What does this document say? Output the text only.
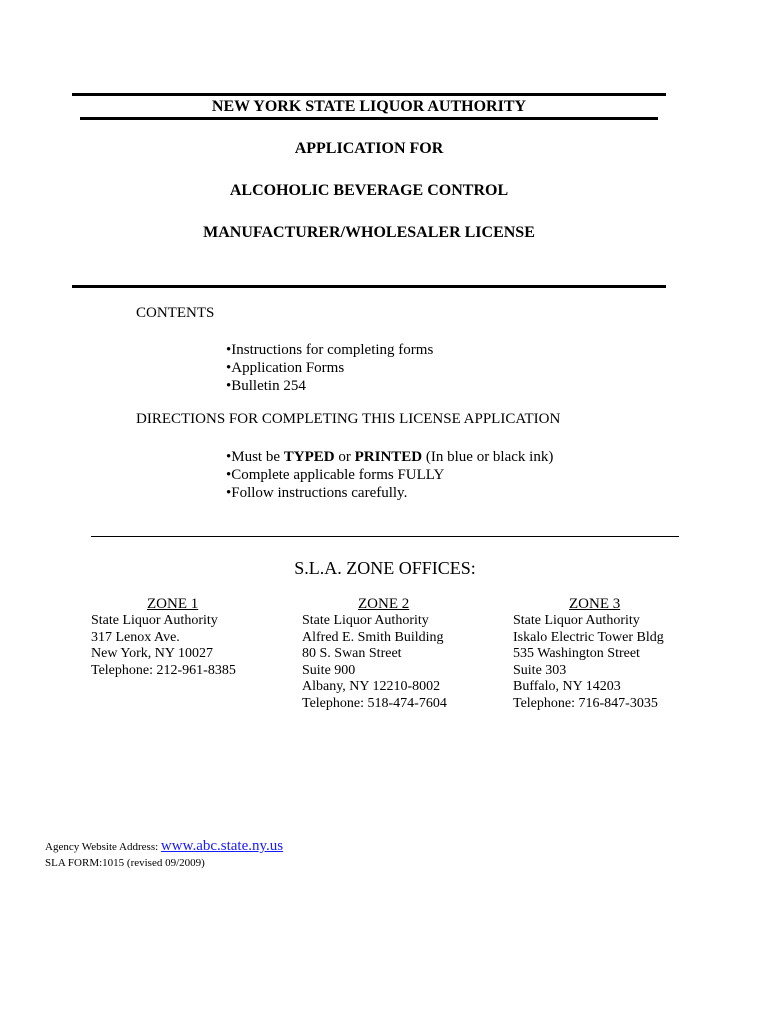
NEW YORK STATE LIQUOR AUTHORITY
APPLICATION FOR
ALCOHOLIC BEVERAGE CONTROL
MANUFACTURER/WHOLESALER LICENSE
CONTENTS
•Instructions for completing forms
•Application Forms
•Bulletin 254
DIRECTIONS FOR COMPLETING THIS LICENSE APPLICATION
•Must be TYPED or PRINTED (In blue or black ink)
•Complete applicable forms FULLY
•Follow instructions carefully.
S.L.A. ZONE OFFICES:
ZONE 1
State Liquor Authority
317 Lenox Ave.
New York, NY 10027
Telephone: 212-961-8385
ZONE 2
State Liquor Authority
Alfred E. Smith Building
80 S. Swan Street
Suite 900
Albany, NY 12210-8002
Telephone: 518-474-7604
ZONE 3
State Liquor Authority
Iskalo Electric Tower Bldg
535 Washington Street
Suite 303
Buffalo, NY 14203
Telephone: 716-847-3035
Agency Website Address: www.abc.state.ny.us
SLA FORM:1015 (revised 09/2009)
